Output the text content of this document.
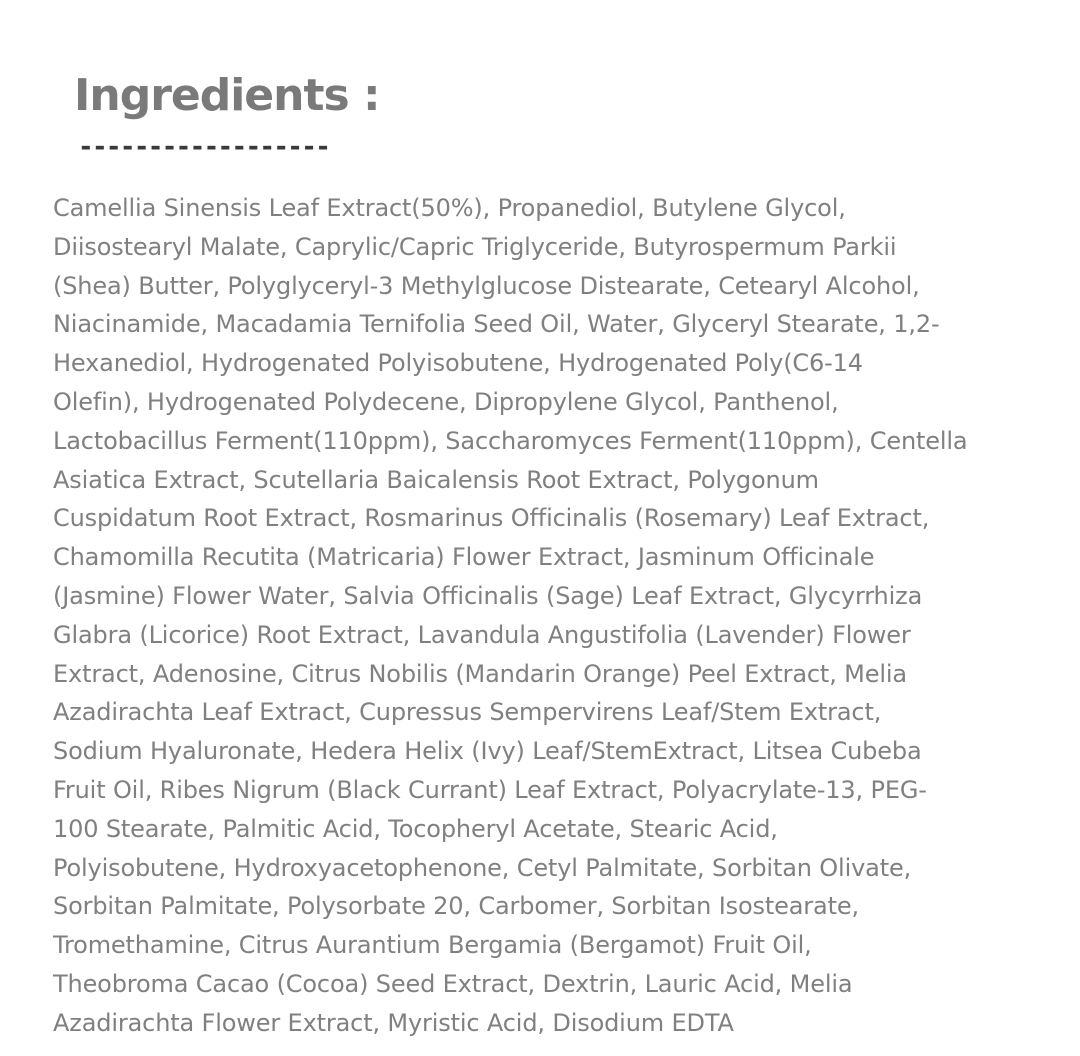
Ingredients :
------------------

Camellia Sinensis Leaf Extract(50%), Propanediol, Butylene Glycol,
Diisostearyl Malate, Caprylic/Capric Triglyceride, Butyrospermum Parkii
(Shea) Butter, Polyglyceryl-3 Methylglucose Distearate, Cetearyl Alcohol,
Niacinamide, Macadamia Ternifolia Seed Oil, Water, Glyceryl Stearate, 1,2-
Hexanediol, Hydrogenated Polyisobutene, Hydrogenated Poly(C6-14
Olefin), Hydrogenated Polydecene, Dipropylene Glycol, Panthenol,
Lactobacillus Ferment(110ppm), Saccharomyces Ferment(110ppm), Centella
Asiatica Extract, Scutellaria Baicalensis Root Extract, Polygonum
Cuspidatum Root Extract, Rosmarinus Officinalis (Rosemary) Leaf Extract,
Chamomilla Recutita (Matricaria) Flower Extract, Jasminum Officinale
(Jasmine) Flower Water, Salvia Officinalis (Sage) Leaf Extract, Glycyrrhiza
Glabra (Licorice) Root Extract, Lavandula Angustifolia (Lavender) Flower
Extract, Adenosine, Citrus Nobilis (Mandarin Orange) Peel Extract, Melia
Azadirachta Leaf Extract, Cupressus Sempervirens Leaf/Stem Extract,
Sodium Hyaluronate, Hedera Helix (Ivy) Leaf/StemExtract, Litsea Cubeba
Fruit Oil, Ribes Nigrum (Black Currant) Leaf Extract, Polyacrylate-13, PEG-
100 Stearate, Palmitic Acid, Tocopheryl Acetate, Stearic Acid,
Polyisobutene, Hydroxyacetophenone, Cetyl Palmitate, Sorbitan Olivate,
Sorbitan Palmitate, Polysorbate 20, Carbomer, Sorbitan Isostearate,
Tromethamine, Citrus Aurantium Bergamia (Bergamot) Fruit Oil,
Theobroma Cacao (Cocoa) Seed Extract, Dextrin, Lauric Acid, Melia
Azadirachta Flower Extract, Myristic Acid, Disodium EDTA
